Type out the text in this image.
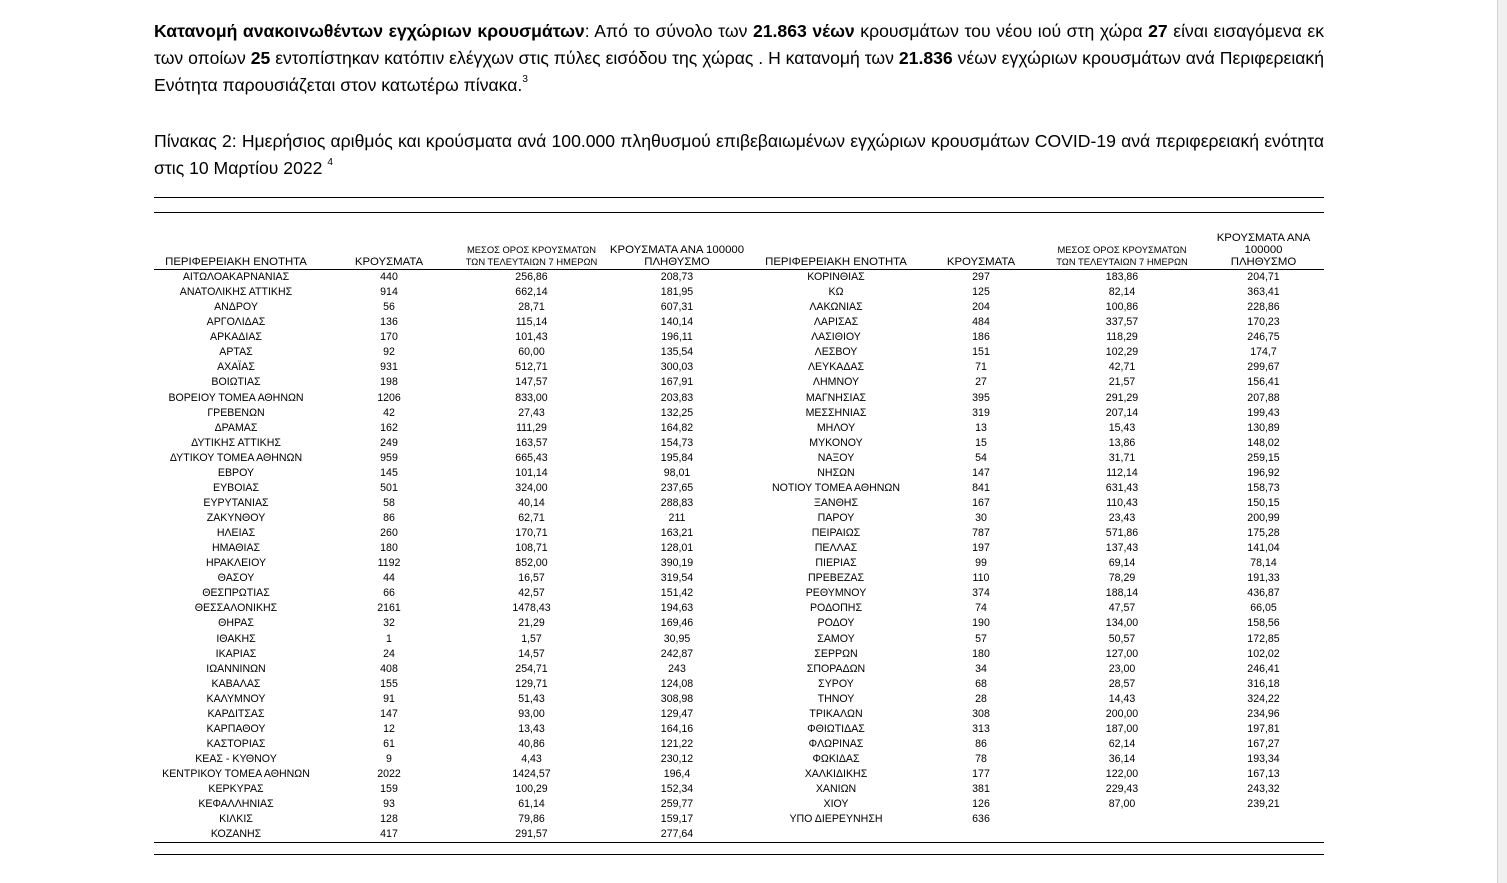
Κατανομή ανακοινωθέντων εγχώριων κρουσμάτων: Από το σύνολο των 21.863 νέων κρουσμάτων του νέου ιού στη χώρα 27 είναι εισαγόμενα εκ των οποίων 25 εντοπίστηκαν κατόπιν ελέγχων στις πύλες εισόδου της χώρας . Η κατανομή των 21.836 νέων εγχώριων κρουσμάτων ανά Περιφερειακή Ενότητα παρουσιάζεται στον κατωτέρω πίνακα.$^3$

Πίνακας 2: Ημερήσιος αριθμός και κρούσματα ανά 100.000 πληθυσμού επιβεβαιωμένων εγχώριων κρουσμάτων COVID-19 ανά περιφερειακή ενότητα στις 10 Μαρτίου 2022 $^4$

ΠΕΡΙΦΕΡΕΙΑΚΗ ΕΝΟΤΗΤΑ	ΚΡΟΥΣΜΑΤΑ	ΜΕΣΟΣ ΟΡΟΣ ΚΡΟΥΣΜΑΤΩΝ
ΤΩΝ ΤΕΛΕΥΤΑΙΩΝ 7 ΗΜΕΡΩΝ	ΚΡΟΥΣΜΑΤΑ ΑΝΑ 100000
ΠΛΗΘΥΣΜΟ	ΠΕΡΙΦΕΡΕΙΑΚΗ ΕΝΟΤΗΤΑ	ΚΡΟΥΣΜΑΤΑ	ΜΕΣΟΣ ΟΡΟΣ ΚΡΟΥΣΜΑΤΩΝ
ΤΩΝ ΤΕΛΕΥΤΑΙΩΝ 7 ΗΜΕΡΩΝ	ΚΡΟΥΣΜΑΤΑ ΑΝΑ 100000
ΠΛΗΘΥΣΜΟ
ΑΙΤΩΛΟΑΚΑΡΝΑΝΙΑΣ	440	256,86	208,73	ΚΟΡΙΝΘΙΑΣ	297	183,86	204,71
ΑΝΑΤΟΛΙΚΗΣ ΑΤΤΙΚΗΣ	914	662,14	181,95	ΚΩ	125	82,14	363,41
ΑΝΔΡΟΥ	56	28,71	607,31	ΛΑΚΩΝΙΑΣ	204	100,86	228,86
ΑΡΓΟΛΙΔΑΣ	136	115,14	140,14	ΛΑΡΙΣΑΣ	484	337,57	170,23
ΑΡΚΑΔΙΑΣ	170	101,43	196,11	ΛΑΣΙΘΙΟΥ	186	118,29	246,75
ΑΡΤΑΣ	92	60,00	135,54	ΛΕΣΒΟΥ	151	102,29	174,7
ΑΧΑΪΑΣ	931	512,71	300,03	ΛΕΥΚΑΔΑΣ	71	42,71	299,67
ΒΟΙΩΤΙΑΣ	198	147,57	167,91	ΛΗΜΝΟΥ	27	21,57	156,41
ΒΟΡΕΙΟΥ ΤΟΜΕΑ ΑΘΗΝΩΝ	1206	833,00	203,83	ΜΑΓΝΗΣΙΑΣ	395	291,29	207,88
ΓΡΕΒΕΝΩΝ	42	27,43	132,25	ΜΕΣΣΗΝΙΑΣ	319	207,14	199,43
ΔΡΑΜΑΣ	162	111,29	164,82	ΜΗΛΟΥ	13	15,43	130,89
ΔΥΤΙΚΗΣ ΑΤΤΙΚΗΣ	249	163,57	154,73	ΜΥΚΟΝΟΥ	15	13,86	148,02
ΔΥΤΙΚΟΥ ΤΟΜΕΑ ΑΘΗΝΩΝ	959	665,43	195,84	ΝΑΞΟΥ	54	31,71	259,15
ΕΒΡΟΥ	145	101,14	98,01	ΝΗΣΩΝ	147	112,14	196,92
ΕΥΒΟΙΑΣ	501	324,00	237,65	ΝΟΤΙΟΥ ΤΟΜΕΑ ΑΘΗΝΩΝ	841	631,43	158,73
ΕΥΡΥΤΑΝΙΑΣ	58	40,14	288,83	ΞΑΝΘΗΣ	167	110,43	150,15
ΖΑΚΥΝΘΟΥ	86	62,71	211	ΠΑΡΟΥ	30	23,43	200,99
ΗΛΕΙΑΣ	260	170,71	163,21	ΠΕΙΡΑΙΩΣ	787	571,86	175,28
ΗΜΑΘΙΑΣ	180	108,71	128,01	ΠΕΛΛΑΣ	197	137,43	141,04
ΗΡΑΚΛΕΙΟΥ	1192	852,00	390,19	ΠΙΕΡΙΑΣ	99	69,14	78,14
ΘΑΣΟΥ	44	16,57	319,54	ΠΡΕΒΕΖΑΣ	110	78,29	191,33
ΘΕΣΠΡΩΤΙΑΣ	66	42,57	151,42	ΡΕΘΥΜΝΟΥ	374	188,14	436,87
ΘΕΣΣΑΛΟΝΙΚΗΣ	2161	1478,43	194,63	ΡΟΔΟΠΗΣ	74	47,57	66,05
ΘΗΡΑΣ	32	21,29	169,46	ΡΟΔΟΥ	190	134,00	158,56
ΙΘΑΚΗΣ	1	1,57	30,95	ΣΑΜΟΥ	57	50,57	172,85
ΙΚΑΡΙΑΣ	24	14,57	242,87	ΣΕΡΡΩΝ	180	127,00	102,02
ΙΩΑΝΝΙΝΩΝ	408	254,71	243	ΣΠΟΡΑΔΩΝ	34	23,00	246,41
ΚΑΒΑΛΑΣ	155	129,71	124,08	ΣΥΡΟΥ	68	28,57	316,18
ΚΑΛΥΜΝΟΥ	91	51,43	308,98	ΤΗΝΟΥ	28	14,43	324,22
ΚΑΡΔΙΤΣΑΣ	147	93,00	129,47	ΤΡΙΚΑΛΩΝ	308	200,00	234,96
ΚΑΡΠΑΘΟΥ	12	13,43	164,16	ΦΘΙΩΤΙΔΑΣ	313	187,00	197,81
ΚΑΣΤΟΡΙΑΣ	61	40,86	121,22	ΦΛΩΡΙΝΑΣ	86	62,14	167,27
ΚΕΑΣ - ΚΥΘΝΟΥ	9	4,43	230,12	ΦΩΚΙΔΑΣ	78	36,14	193,34
ΚΕΝΤΡΙΚΟΥ ΤΟΜΕΑ ΑΘΗΝΩΝ	2022	1424,57	196,4	ΧΑΛΚΙΔΙΚΗΣ	177	122,00	167,13
ΚΕΡΚΥΡΑΣ	159	100,29	152,34	ΧΑΝΙΩΝ	381	229,43	243,32
ΚΕΦΑΛΛΗΝΙΑΣ	93	61,14	259,77	ΧΙΟΥ	126	87,00	239,21
ΚΙΛΚΙΣ	128	79,86	159,17	ΥΠΟ ΔΙΕΡΕΥΝΗΣΗ	636		
ΚΟΖΑΝΗΣ	417	291,57	277,64				
